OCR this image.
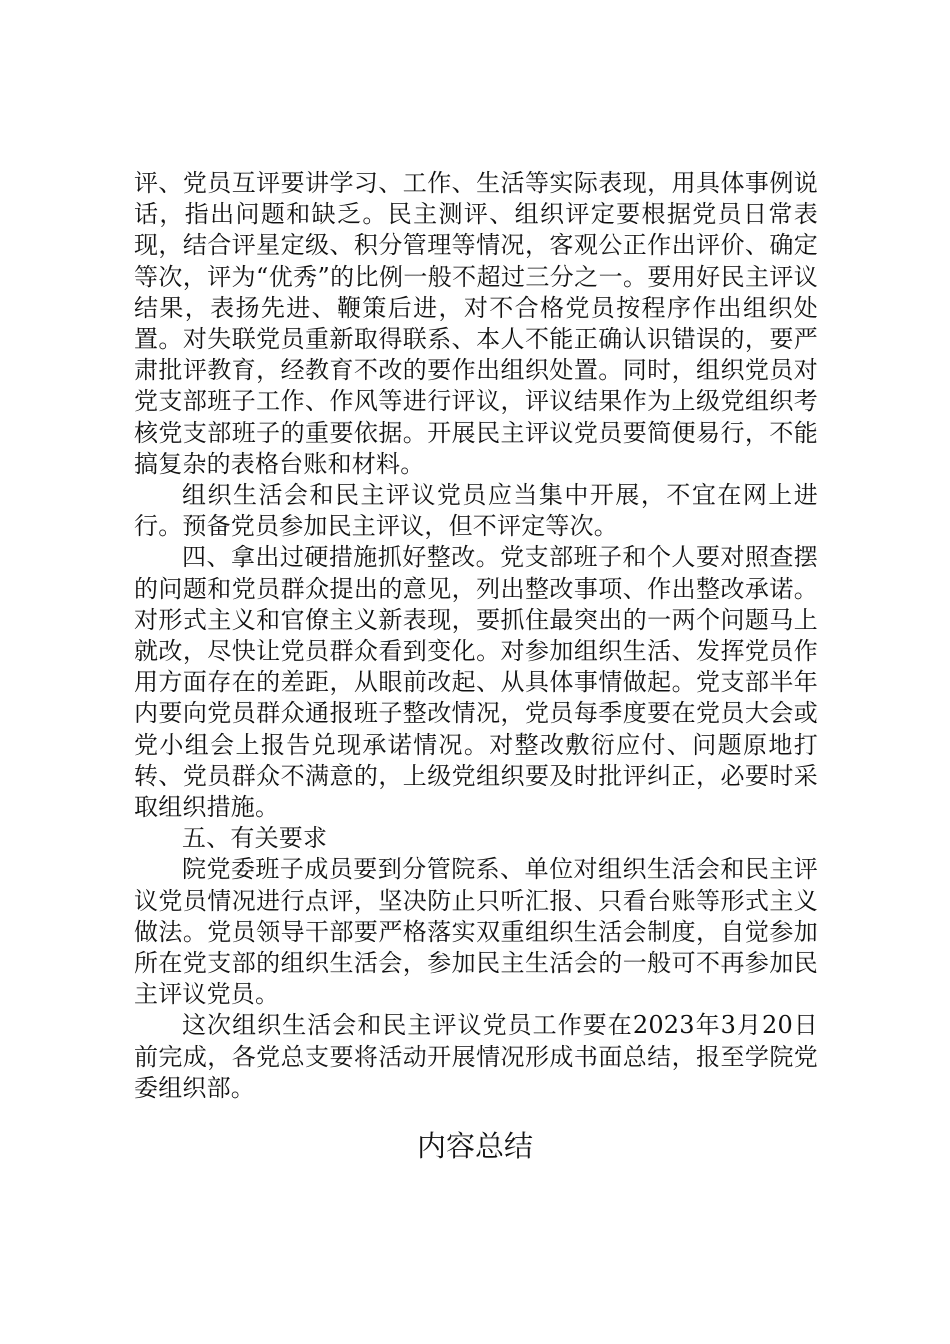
评、党员互评要讲学习、工作、生活等实际表现，用具体事例说话，指出问题和缺乏。民主测评、组织评定要根据党员日常表现，结合评星定级、积分管理等情况，客观公正作出评价、确定等次，评为“优秀”的比例一般不超过三分之一。要用好民主评议结果，表扬先进、鞭策后进，对不合格党员按程序作出组织处置。对失联党员重新取得联系、本人不能正确认识错误的，要严肃批评教育，经教育不改的要作出组织处置。同时，组织党员对党支部班子工作、作风等进行评议，评议结果作为上级党组织考核党支部班子的重要依据。开展民主评议党员要简便易行，不能搞复杂的表格台账和材料。

组织生活会和民主评议党员应当集中开展，不宜在网上进行。预备党员参加民主评议，但不评定等次。

四、拿出过硬措施抓好整改。党支部班子和个人要对照查摆的问题和党员群众提出的意见，列出整改事项、作出整改承诺。对形式主义和官僚主义新表现，要抓住最突出的一两个问题马上就改，尽快让党员群众看到变化。对参加组织生活、发挥党员作用方面存在的差距，从眼前改起、从具体事情做起。党支部半年内要向党员群众通报班子整改情况，党员每季度要在党员大会或党小组会上报告兑现承诺情况。对整改敷衍应付、问题原地打转、党员群众不满意的，上级党组织要及时批评纠正，必要时采取组织措施。

五、有关要求

院党委班子成员要到分管院系、单位对组织生活会和民主评议党员情况进行点评，坚决防止只听汇报、只看台账等形式主义做法。党员领导干部要严格落实双重组织生活会制度，自觉参加所在党支部的组织生活会，参加民主生活会的一般可不再参加民主评议党员。

这次组织生活会和民主评议党员工作要在2023年3月20日前完成，各党总支要将活动开展情况形成书面总结，报至学院党委组织部。

内容总结
